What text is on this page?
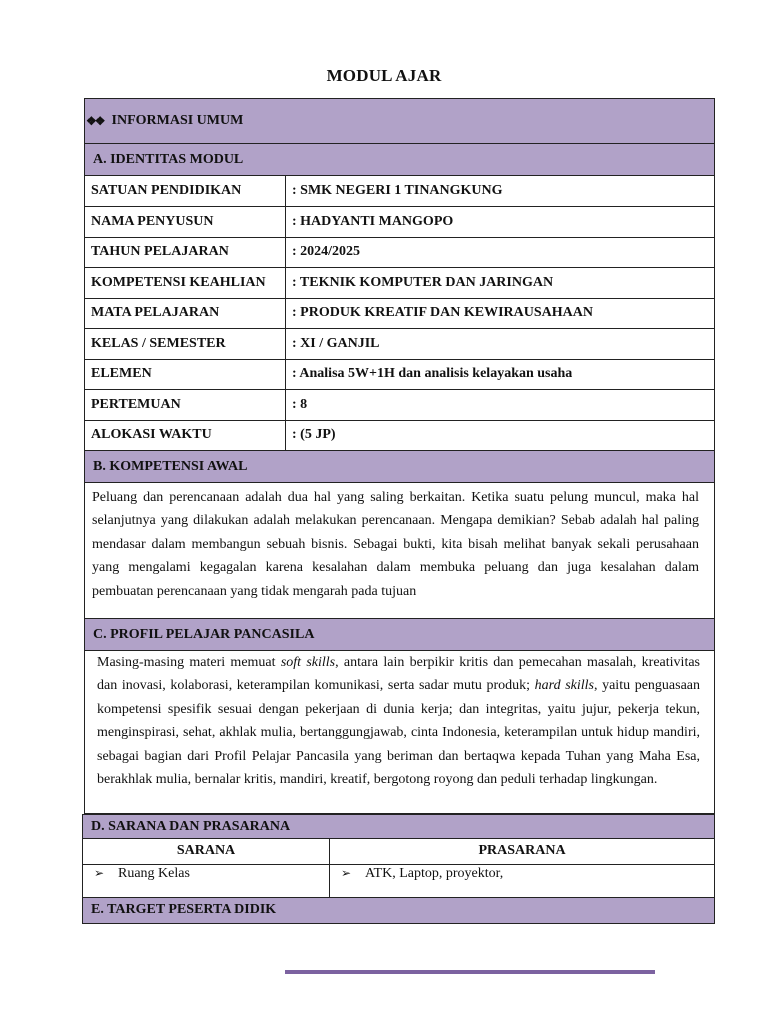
MODUL AJAR
❖❖ INFORMASI UMUM
A. IDENTITAS MODUL
SATUAN PENDIDIKAN	: SMK NEGERI 1 TINANGKUNG
NAMA PENYUSUN	: HADYANTI MANGOPO
TAHUN PELAJARAN	: 2024/2025
KOMPETENSI KEAHLIAN	: TEKNIK KOMPUTER DAN JARINGAN
MATA PELAJARAN	: PRODUK KREATIF DAN KEWIRAUSAHAAN
KELAS / SEMESTER	: XI / GANJIL
ELEMEN	: Analisa 5W+1H dan analisis kelayakan usaha
PERTEMUAN	: 8
ALOKASI WAKTU	: (5 JP)
B. KOMPETENSI AWAL
Peluang dan perencanaan adalah dua hal yang saling berkaitan. Ketika suatu pelung muncul, maka hal selanjutnya yang dilakukan adalah melakukan perencanaan. Mengapa demikian? Sebab adalah hal paling mendasar dalam membangun sebuah bisnis. Sebagai bukti, kita bisah melihat banyak sekali perusahaan yang mengalami kegagalan karena kesalahan dalam membuka peluang dan juga kesalahan dalam pembuatan perencanaan yang tidak mengarah pada tujuan
C. PROFIL PELAJAR PANCASILA
Masing-masing materi memuat soft skills, antara lain berpikir kritis dan pemecahan masalah, kreativitas dan inovasi, kolaborasi, keterampilan komunikasi, serta sadar mutu produk; hard skills, yaitu penguasaan kompetensi spesifik sesuai dengan pekerjaan di dunia kerja; dan integritas, yaitu jujur, pekerja tekun, menginspirasi, sehat, akhlak mulia, bertanggungjawab, cinta Indonesia, keterampilan untuk hidup mandiri, sebagai bagian dari Profil Pelajar Pancasila yang beriman dan bertaqwa kepada Tuhan yang Maha Esa, berakhlak mulia, bernalar kritis, mandiri, kreatif, bergotong royong dan peduli terhadap lingkungan.
D. SARANA DAN PRASARANA
SARANA	PRASARANA
➢ Ruang Kelas	➢ ATK, Laptop, proyektor,
E. TARGET PESERTA DIDIK
